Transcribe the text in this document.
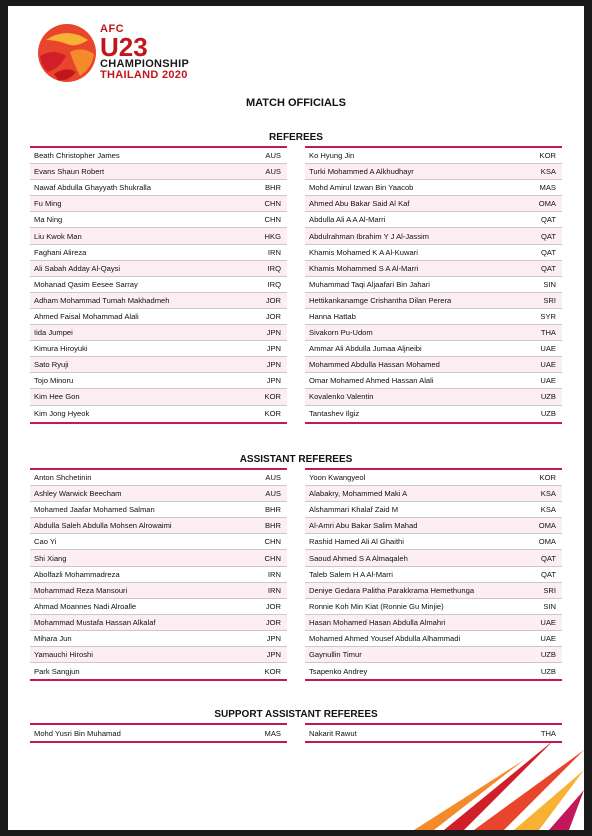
AFC
U23
CHAMPIONSHIP
THAILAND 2020
MATCH OFFICIALS
REFEREES
Beath Christopher James	AUS
Evans Shaun Robert	AUS
Nawaf Abdulla Ghayyath Shukralla	BHR
Fu Ming	CHN
Ma Ning	CHN
Liu Kwok Man	HKG
Faghani Alireza	IRN
Ali Sabah Adday Al-Qaysi	IRQ
Mohanad Qasim Eesee Sarray	IRQ
Adham Mohammad Tumah Makhadmeh	JOR
Ahmed Faisal Mohammad Alali	JOR
Iida Jumpei	JPN
Kimura Hiroyuki	JPN
Sato Ryuji	JPN
Tojo Minoru	JPN
Kim Hee Gon	KOR
Kim Jong Hyeok	KOR
Ko Hyung Jin	KOR
Turki Mohammed A Alkhudhayr	KSA
Mohd Amirul Izwan Bin Yaacob	MAS
Ahmed Abu Bakar Said Al Kaf	OMA
Abdulla Ali A A Al-Marri	QAT
Abdulrahman Ibrahim Y J Al-Jassim	QAT
Khamis Mohamed K A Al-Kuwari	QAT
Khamis Mohammed S A Al-Marri	QAT
Muhammad Taqi Aljaafari Bin Jahari	SIN
Hettikankanamge Crishantha Dilan Perera	SRI
Hanna Hattab	SYR
Sivakorn Pu-Udom	THA
Ammar Ali Abdulla Jumaa Aljneibi	UAE
Mohammed Abdulla Hassan Mohamed	UAE
Omar Mohamed Ahmed Hassan Alali	UAE
Kovalenko Valentin	UZB
Tantashev Ilgiz	UZB
ASSISTANT REFEREES
Anton Shchetinin	AUS
Ashley Warwick Beecham	AUS
Mohamed Jaafar Mohamed Salman	BHR
Abdulla Saleh Abdulla Mohsen Alrowaimi	BHR
Cao Yi	CHN
Shi Xiang	CHN
Abolfazli Mohammadreza	IRN
Mohammad Reza Mansouri	IRN
Ahmad Moannes Nadi Alroalle	JOR
Mohammad Mustafa Hassan Alkalaf	JOR
Mihara Jun	JPN
Yamauchi Hiroshi	JPN
Park Sangjun	KOR
Yoon Kwangyeol	KOR
Alabakry, Mohammed Maki A	KSA
Alshammari Khalaf Zaid M	KSA
Al-Amri Abu Bakar Salim Mahad	OMA
Rashid Hamed Ali Al Ghaithi	OMA
Saoud Ahmed S A Almaqaleh	QAT
Taleb Salem H A Al-Marri	QAT
Deniye Gedara Palitha Parakkrama Hemethunga	SRI
Ronnie Koh Min Kiat (Ronnie Gu Minjie)	SIN
Hasan Mohamed Hasan Abdulla Almahri	UAE
Mohamed Ahmed Yousef Abdulla Alhammadi	UAE
Gaynullin Timur	UZB
Tsapenko Andrey	UZB
SUPPORT ASSISTANT REFEREES
Mohd Yusri Bin Muhamad	MAS	Nakarit Rawut	THA
